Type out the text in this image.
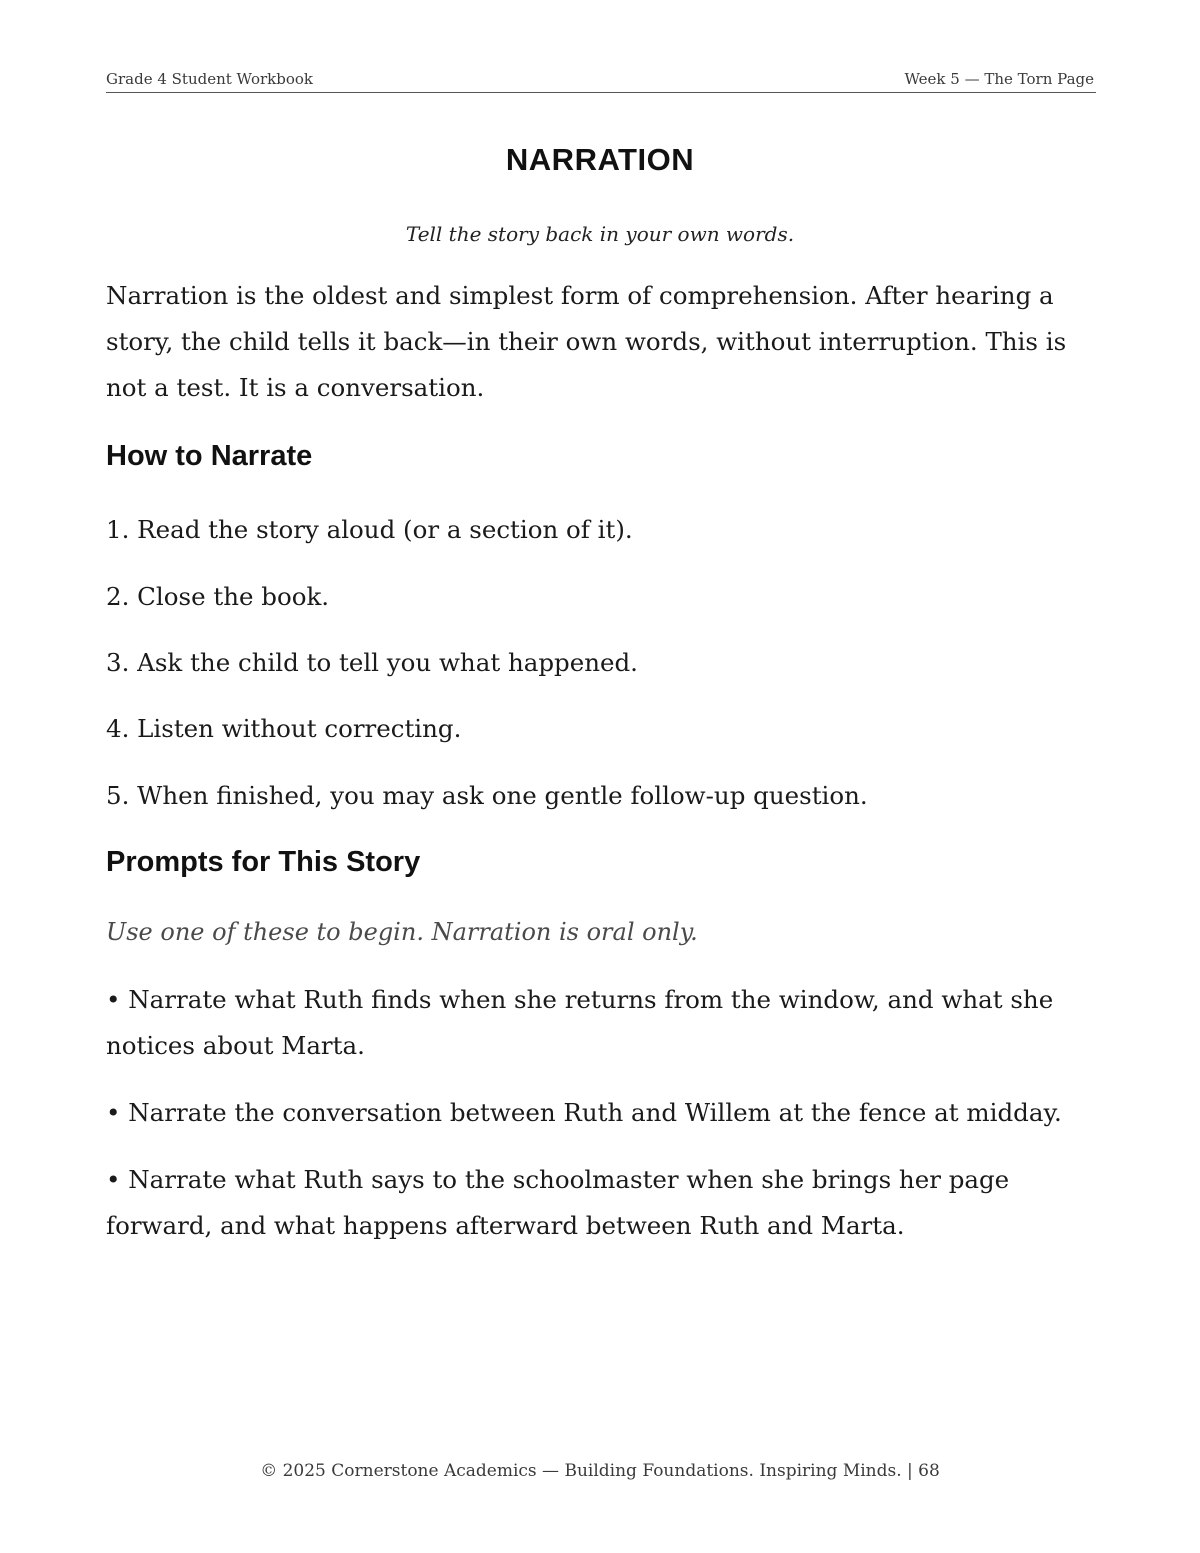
Grade 4 Student Workbook	Week 5 — The Torn Page
NARRATION
Tell the story back in your own words.
Narration is the oldest and simplest form of comprehension. After hearing a story, the child tells it back—in their own words, without interruption. This is not a test. It is a conversation.
How to Narrate
1. Read the story aloud (or a section of it).
2. Close the book.
3. Ask the child to tell you what happened.
4. Listen without correcting.
5. When finished, you may ask one gentle follow-up question.
Prompts for This Story
Use one of these to begin. Narration is oral only.
• Narrate what Ruth finds when she returns from the window, and what she notices about Marta.
• Narrate the conversation between Ruth and Willem at the fence at midday.
• Narrate what Ruth says to the schoolmaster when she brings her page forward, and what happens afterward between Ruth and Marta.
© 2025 Cornerstone Academics — Building Foundations. Inspiring Minds. | 68
